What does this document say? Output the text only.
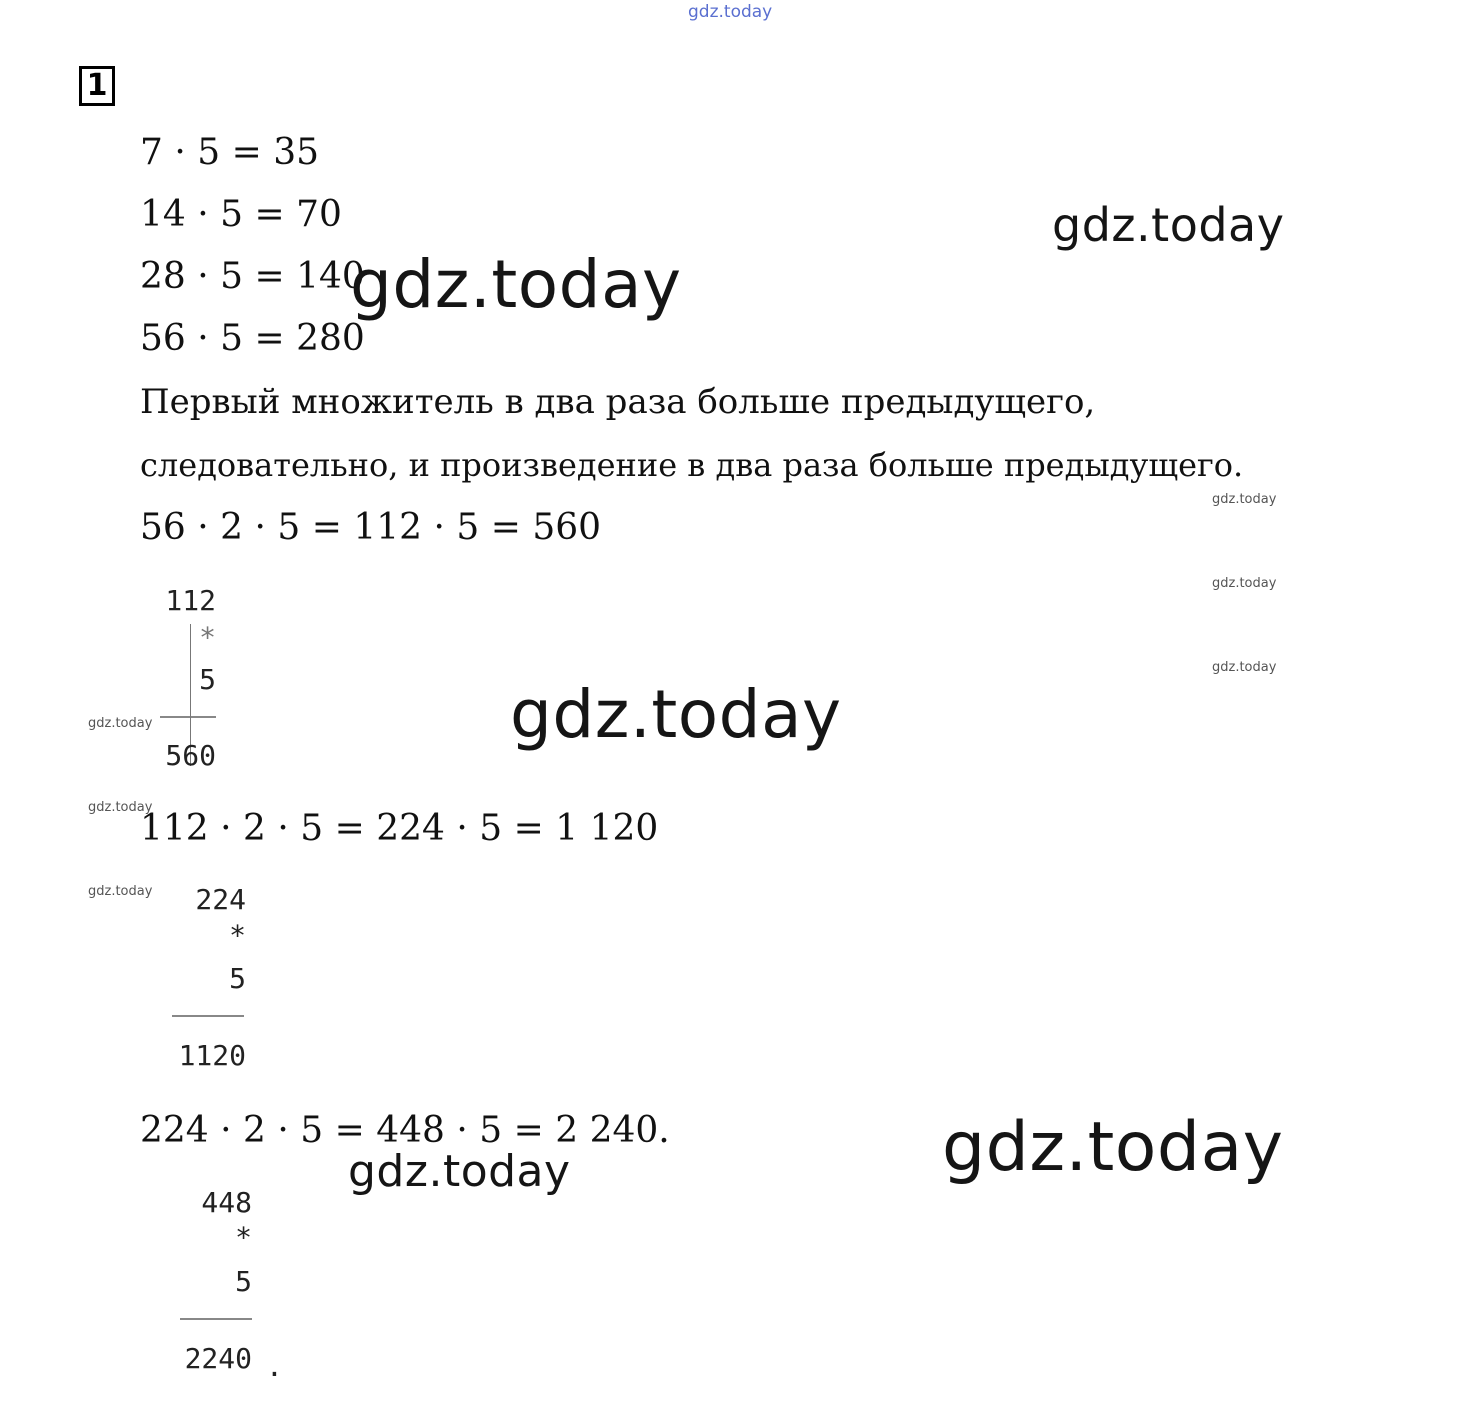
gdz.today
1
7 · 5 = 35
14 · 5 = 70
28 · 5 = 140
56 · 5 = 280
Первый множитель в два раза больше предыдущего,
следовательно, и произведение в два раза больше предыдущего.
56 · 2 · 5 = 112 · 5 = 560
112
*
5
560
112 · 2 · 5 = 224 · 5 = 1 120
224
*
5
1120
224 · 2 · 5 = 448 · 5 = 2 240.
448
*
5
2240 .
gdz.today
gdz.today
gdz.today
gdz.today
gdz.today
gdz.today
gdz.today
gdz.today
gdz.today
gdz.today
gdz.today
